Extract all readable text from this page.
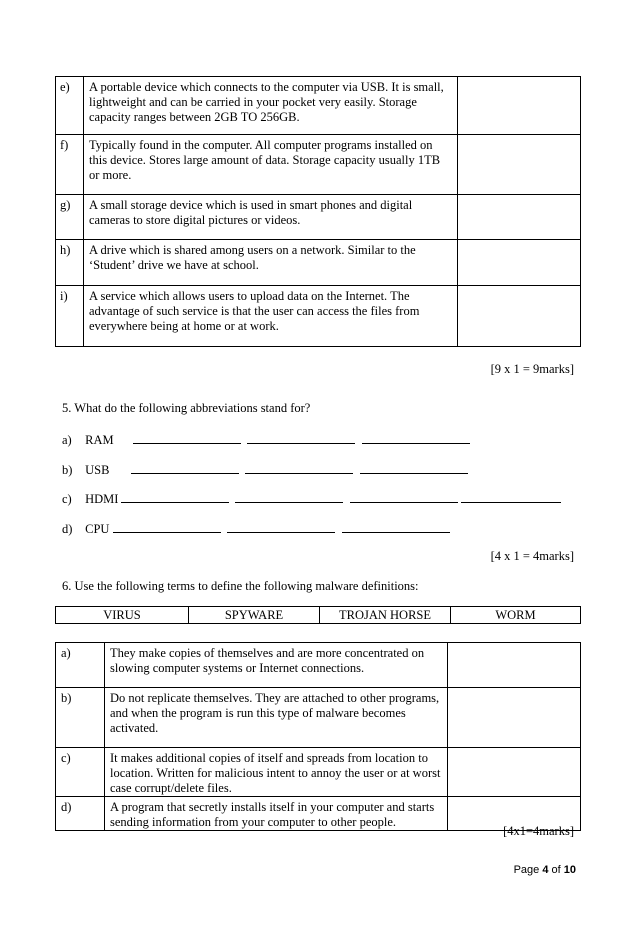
e)	A portable device which connects to the computer via USB. It is small, lightweight and can be carried in your pocket very easily. Storage capacity ranges between 2GB TO 256GB.	
f)	Typically found in the computer. All computer programs installed on this device. Stores large amount of data. Storage capacity usually 1TB or more.	
g)	A small storage device which is used in smart phones and digital cameras to store digital pictures or videos.	
h)	A drive which is shared among users on a network. Similar to the ‘Student’ drive we have at school.	
i)	A service which allows users to upload data on the Internet. The advantage of such service is that the user can access the files from everywhere being at home or at work.	
[9 x 1 = 9marks]
5. What do the following abbreviations stand for?
a) RAM
b) USB
c) HDMI
d) CPU
[4 x 1 = 4marks]
6. Use the following terms to define the following malware definitions:
VIRUS	SPYWARE	TROJAN HORSE	WORM
a)	They make copies of themselves and are more concentrated on slowing computer systems or Internet connections.	
b)	Do not replicate themselves. They are attached to other programs, and when the program is run this type of malware becomes activated.	
c)	It makes additional copies of itself and spreads from location to location. Written for malicious intent to annoy the user or at worst case corrupt/delete files.	
d)	A program that secretly installs itself in your computer and starts sending information from your computer to other people.	
[4x1=4marks]
Page 4 of 10
